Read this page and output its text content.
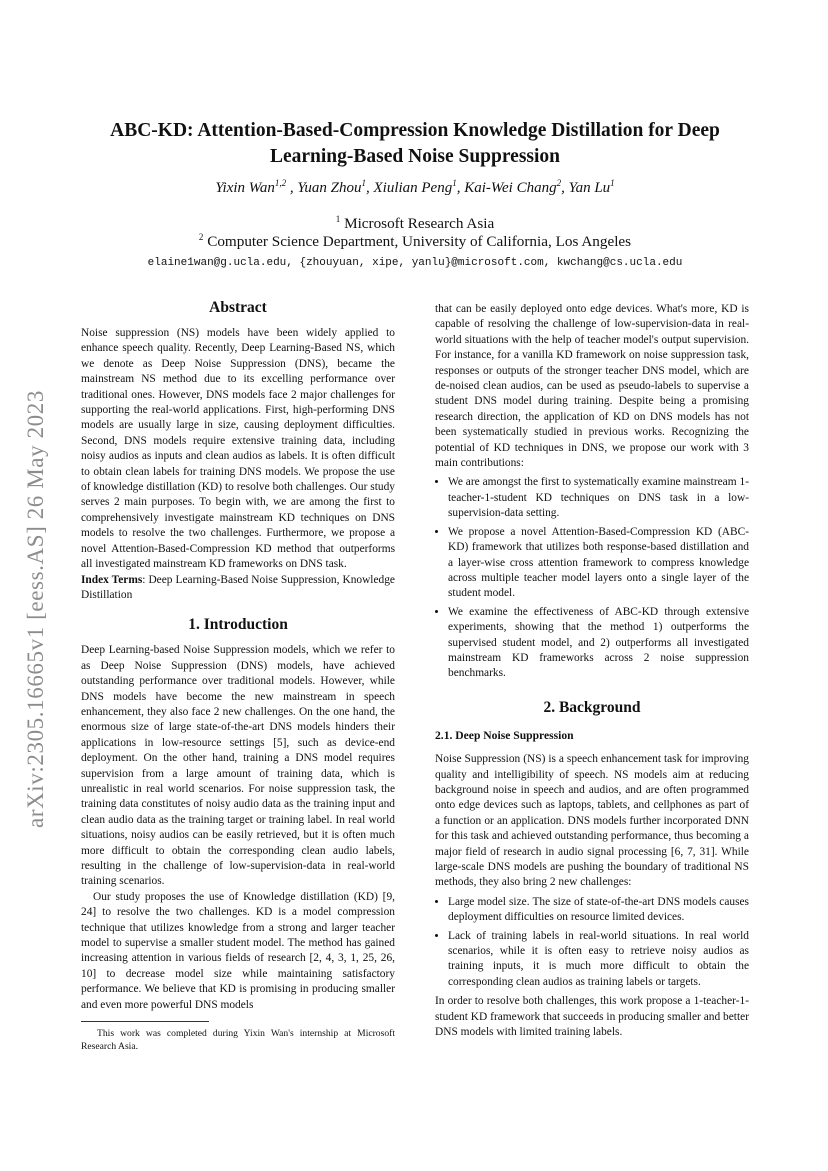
arXiv:2305.16665v1 [eess.AS] 26 May 2023
ABC-KD: Attention-Based-Compression Knowledge Distillation for Deep Learning-Based Noise Suppression
Yixin Wan$^{1,2}$ , Yuan Zhou$^1$, Xiulian Peng$^1$, Kai-Wei Chang$^2$, Yan Lu$^1$
$^1$ Microsoft Research Asia
$^2$ Computer Science Department, University of California, Los Angeles
elaine1wan@g.ucla.edu, {zhouyuan, xipe, yanlu}@microsoft.com, kwchang@cs.ucla.edu
Abstract

Noise suppression (NS) models have been widely applied to enhance speech quality. Recently, Deep Learning-Based NS, which we denote as Deep Noise Suppression (DNS), became the mainstream NS method due to its excelling performance over traditional ones. However, DNS models face 2 major challenges for supporting the real-world applications. First, high-performing DNS models are usually large in size, causing deployment difficulties. Second, DNS models require extensive training data, including noisy audios as inputs and clean audios as labels. It is often difficult to obtain clean labels for training DNS models. We propose the use of knowledge distillation (KD) to resolve both challenges. Our study serves 2 main purposes. To begin with, we are among the first to comprehensively investigate mainstream KD techniques on DNS models to resolve the two challenges. Furthermore, we propose a novel Attention-Based-Compression KD method that outperforms all investigated mainstream KD frameworks on DNS task.

Index Terms: Deep Learning-Based Noise Suppression, Knowledge Distillation

1. Introduction

Deep Learning-based Noise Suppression models, which we refer to as Deep Noise Suppression (DNS) models, have achieved outstanding performance over traditional models. However, while DNS models have become the new mainstream in speech enhancement, they also face 2 new challenges. On the one hand, the enormous size of large state-of-the-art DNS models hinders their applications in low-resource settings [5], such as device-end deployment. On the other hand, training a DNS model requires supervision from a large amount of training data, which is unrealistic in real world scenarios. For noise suppression task, the training data constitutes of noisy audio data as the training input and clean audio data as the training target or training label. In real world situations, noisy audios can be easily retrieved, but it is often much more difficult to obtain the corresponding clean audio labels, resulting in the challenge of low-supervision-data in real-world training scenarios.

Our study proposes the use of Knowledge distillation (KD) [9, 24] to resolve the two challenges. KD is a model compression technique that utilizes knowledge from a strong and larger teacher model to supervise a smaller student model. The method has gained increasing attention in various fields of research [2, 4, 3, 1, 25, 26, 10] to decrease model size while maintaining satisfactory performance. We believe that KD is promising in producing smaller and even more powerful DNS models

This work was completed during Yixin Wan's internship at Microsoft Research Asia.

that can be easily deployed onto edge devices. What's more, KD is capable of resolving the challenge of low-supervision-data in real-world situations with the help of teacher model's output supervision. For instance, for a vanilla KD framework on noise suppression task, responses or outputs of the stronger teacher DNS model, which are de-noised clean audios, can be used as pseudo-labels to supervise a student DNS model during training. Despite being a promising research direction, the application of KD on DNS models has not been systematically studied in previous works. Recognizing the potential of KD techniques in DNS, we propose our work with 3 main contributions:

• We are amongst the first to systematically examine mainstream 1-teacher-1-student KD techniques on DNS task in a low-supervision-data setting.
• We propose a novel Attention-Based-Compression KD (ABC-KD) framework that utilizes both response-based distillation and a layer-wise cross attention framework to compress knowledge across multiple teacher model layers onto a single layer of the student model.
• We examine the effectiveness of ABC-KD through extensive experiments, showing that the method 1) outperforms the supervised student model, and 2) outperforms all investigated mainstream KD frameworks across 2 noise suppression benchmarks.
2. Background
2.1. Deep Noise Suppression

Noise Suppression (NS) is a speech enhancement task for improving quality and intelligibility of speech. NS models aim at reducing background noise in speech and audios, and are often programmed onto edge devices such as laptops, tablets, and cellphones as part of a function or an application. DNS models further incorporated DNN for this task and achieved outstanding performance, thus becoming a major field of research in audio signal processing [6, 7, 31]. While large-scale DNS models are pushing the boundary of traditional NS methods, they also bring 2 new challenges:

• Large model size. The size of state-of-the-art DNS models causes deployment difficulties on resource limited devices.
• Lack of training labels in real-world situations. In real world scenarios, while it is often easy to retrieve noisy audios as training inputs, it is much more difficult to obtain the corresponding clean audios as training labels or targets.

In order to resolve both challenges, this work propose a 1-teacher-1-student KD framework that succeeds in producing smaller and better DNS models with limited training labels.
